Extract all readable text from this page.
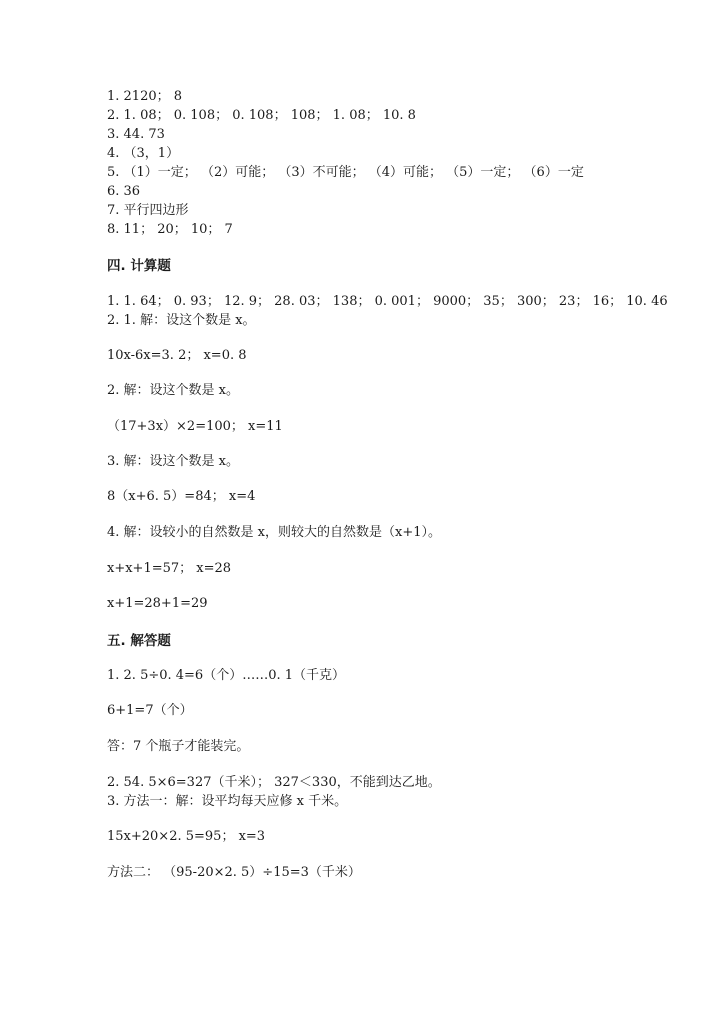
1. 2120； 8
2. 1. 08； 0. 108； 0. 108； 108； 1. 08； 10. 8
3. 44. 73
4. （3，1）
5. （1）一定； （2）可能； （3）不可能； （4）可能； （5）一定； （6）一定
6. 36
7. 平行四边形
8. 11； 20； 10； 7
四. 计算题
1. 1. 64； 0. 93； 12. 9； 28. 03； 138； 0. 001； 9000； 35； 300； 23； 16； 10. 46
2. 1. 解：设这个数是 x。
10x-6x=3. 2； x=0. 8
2. 解：设这个数是 x。
（17+3x）×2=100； x=11
3. 解：设这个数是 x。
8（x+6. 5）=84； x=4
4. 解：设较小的自然数是 x，则较大的自然数是（x+1）。
x+x+1=57； x=28
x+1=28+1=29
五. 解答题
1. 2. 5÷0. 4=6（个）……0. 1（千克）
6+1=7（个）
答：7 个瓶子才能装完。
2. 54. 5×6=327（千米）； 327＜330，不能到达乙地。
3. 方法一：解：设平均每天应修 x 千米。
15x+20×2. 5=95； x=3
方法二： （95-20×2. 5）÷15=3（千米）
